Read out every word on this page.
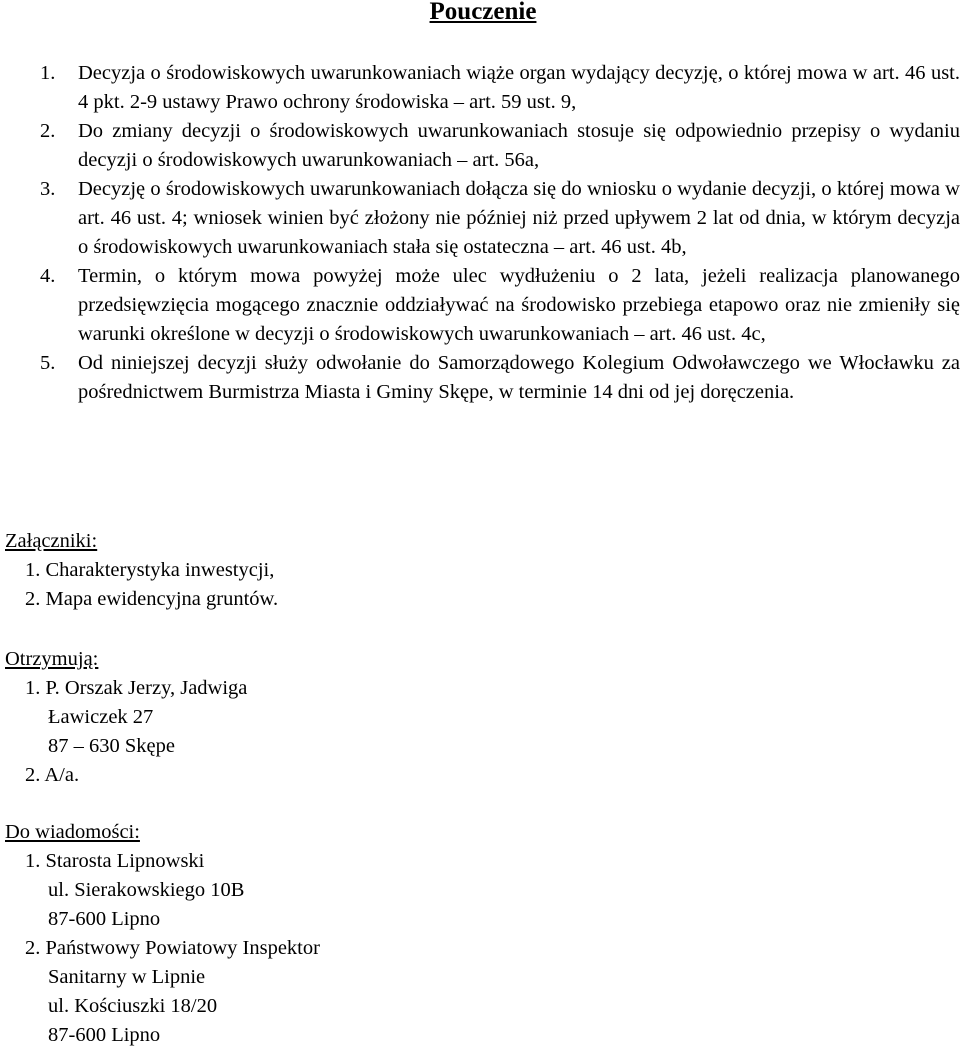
Pouczenie

1. Decyzja o środowiskowych uwarunkowaniach wiąże organ wydający decyzję, o której mowa w art. 46 ust. 4 pkt. 2-9 ustawy Prawo ochrony środowiska – art. 59 ust. 9,

2. Do zmiany decyzji o środowiskowych uwarunkowaniach stosuje się odpowiednio przepisy o wydaniu decyzji o środowiskowych uwarunkowaniach – art. 56a,

3. Decyzję o środowiskowych uwarunkowaniach dołącza się do wniosku o wydanie decyzji, o której mowa w art. 46 ust. 4; wniosek winien być złożony nie później niż przed upływem 2 lat od dnia, w którym decyzja o środowiskowych uwarunkowaniach stała się ostateczna – art. 46 ust. 4b,

4. Termin, o którym mowa powyżej może ulec wydłużeniu o 2 lata, jeżeli realizacja planowanego przedsięwzięcia mogącego znacznie oddziaływać na środowisko przebiega etapowo oraz nie zmieniły się warunki określone w decyzji o środowiskowych uwarunkowaniach – art. 46 ust. 4c,

5. Od niniejszej decyzji służy odwołanie do Samorządowego Kolegium Odwoławczego we Włocławku za pośrednictwem Burmistrza Miasta i Gminy Skępe, w terminie 14 dni od jej doręczenia.

Załączniki:

1. Charakterystyka inwestycji,

2. Mapa ewidencyjna gruntów.

Otrzymują:

1. P. Orszak Jerzy, Jadwiga

Ławiczek 27

87 – 630 Skępe

2. A/a.

Do wiadomości:

1. Starosta Lipnowski

ul. Sierakowskiego 10B

87-600 Lipno

2. Państwowy Powiatowy Inspektor

Sanitarny w Lipnie

ul. Kościuszki 18/20

87-600 Lipno
